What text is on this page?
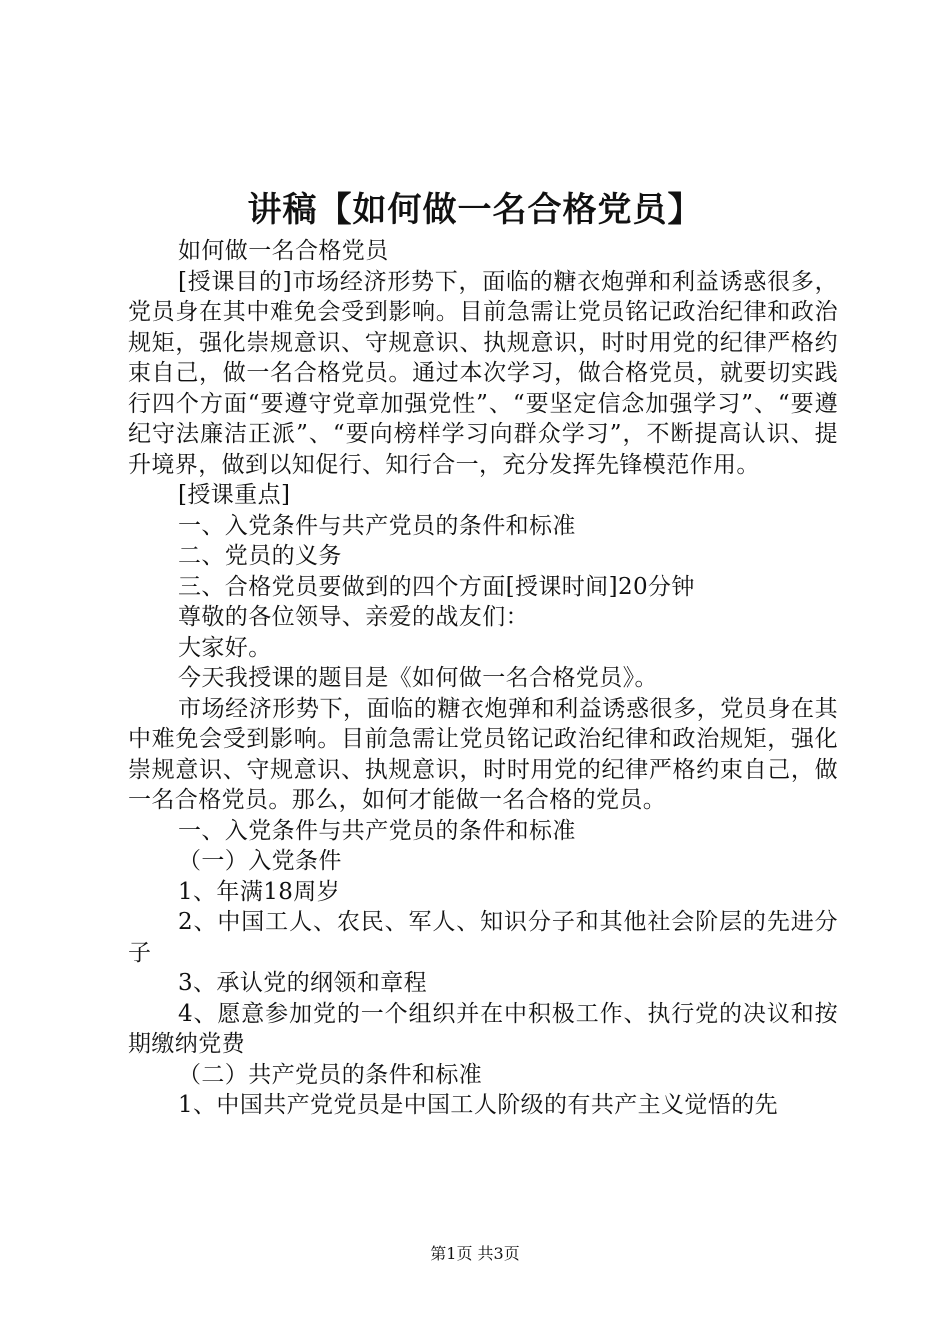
讲稿【如何做一名合格党员】

如何做一名合格党员

[授课目的]市场经济形势下，面临的糖衣炮弹和利益诱惑很多，党员身在其中难免会受到影响。目前急需让党员铭记政治纪律和政治规矩，强化崇规意识、守规意识、执规意识，时时用党的纪律严格约束自己，做一名合格党员。通过本次学习，做合格党员，就要切实践行四个方面“要遵守党章加强党性”、“要坚定信念加强学习”、“要遵纪守法廉洁正派”、“要向榜样学习向群众学习”，不断提高认识、提升境界，做到以知促行、知行合一，充分发挥先锋模范作用。

[授课重点]

一、入党条件与共产党员的条件和标准

二、党员的义务

三、合格党员要做到的四个方面[授课时间]20分钟

尊敬的各位领导、亲爱的战友们：

大家好。

今天我授课的题目是《如何做一名合格党员》。

市场经济形势下，面临的糖衣炮弹和利益诱惑很多，党员身在其中难免会受到影响。目前急需让党员铭记政治纪律和政治规矩，强化崇规意识、守规意识、执规意识，时时用党的纪律严格约束自己，做一名合格党员。那么，如何才能做一名合格的党员。

一、入党条件与共产党员的条件和标准

（一）入党条件

1、年满18周岁

2、中国工人、农民、军人、知识分子和其他社会阶层的先进分子

3、承认党的纲领和章程

4、愿意参加党的一个组织并在中积极工作、执行党的决议和按期缴纳党费

（二）共产党员的条件和标准

1、中国共产党党员是中国工人阶级的有共产主义觉悟的先

第1页 共3页
